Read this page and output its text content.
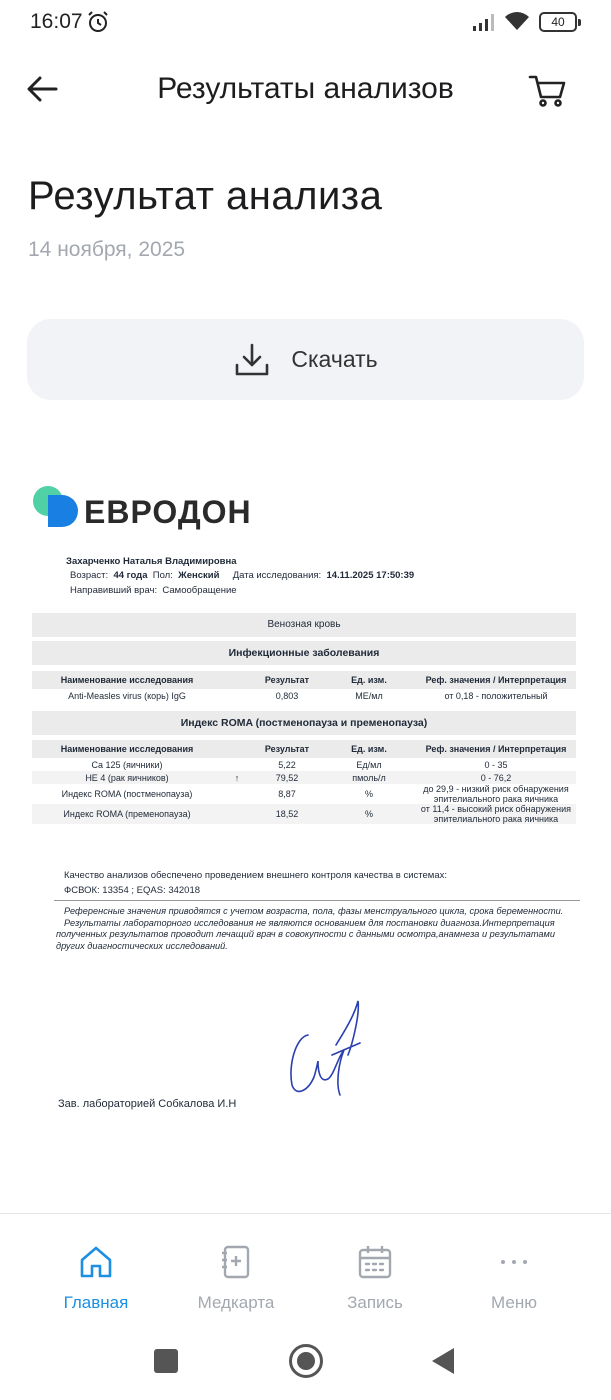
16:07	40
Результаты анализов
Результат анализа
14 ноября, 2025
Скачать
ЕВРОДОН
Захарченко Наталья Владимировна
Возраст: 44 года Пол: Женский Дата исследования: 14.11.2025 17:50:39
Направивший врач: Самообращение
Венозная кровь
Инфекционные заболевания
Наименование исследования		Результат	Ед. изм.	Реф. значения / Интерпретация
Anti-Measles virus (корь) IgG		0,803	МЕ/мл	от 0,18 - положительный
Индекс ROMA (постменопауза и пременопауза)
Наименование исследования		Результат	Ед. изм.	Реф. значения / Интерпретация
Ca 125 (яичники)		5,22	Ед/мл	0 - 35
HE 4 (рак яичников)	↑	79,52	пмоль/л	0 - 76,2
Индекс ROMA (постменопауза)		8,87	%	до 29,9 - низкий риск обнаружения эпителиального рака яичника
Индекс ROMA (пременопауза)		18,52	%	от 11,4 - высокий риск обнаружения эпителиального рака яичника
Качество анализов обеспечено проведением внешнего контроля качества в системах:
ФСВОК: 13354 ; EQAS: 342018

Референсные значения приводятся с учетом возраста, пола, фазы менструального цикла, срока беременности.

Результаты лабораторного исследования не являются основанием для постановки диагноза.Интерпретация полученных результатов проводит лечащий врач в совокупности с данными осмотра,анамнеза и результатами других диагностических исследований.

Зав. лабораторией Собкалова И.Н
Главная	Медкарта	Запись	Меню
